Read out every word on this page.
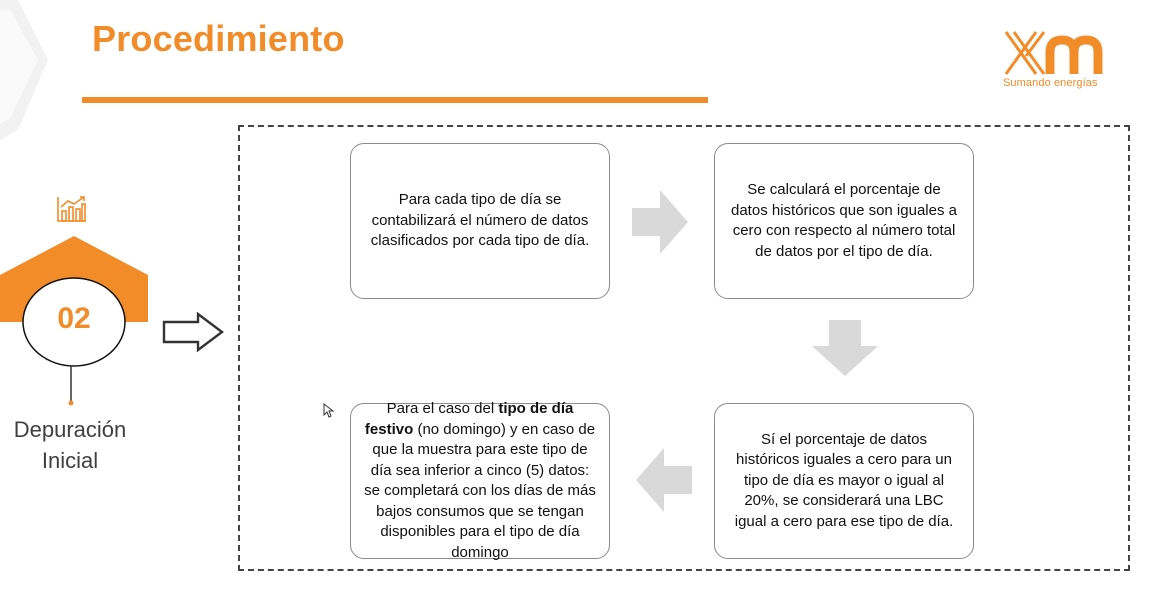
Procedimiento
Sumando energías
02
Depuración
Inicial
Para cada tipo de día se contabilizará el número de datos clasificados por cada tipo de día.
Se calculará el porcentaje de datos históricos que son iguales a cero con respecto al número total de datos por el tipo de día.
Sí el porcentaje de datos históricos iguales a cero para un tipo de día es mayor o igual al 20%, se considerará una LBC igual a cero para ese tipo de día.
Para el caso del tipo de día festivo (no domingo) y en caso de que la muestra para este tipo de día sea inferior a cinco (5) datos: se completará con los días de más bajos consumos que se tengan disponibles para el tipo de día domingo
